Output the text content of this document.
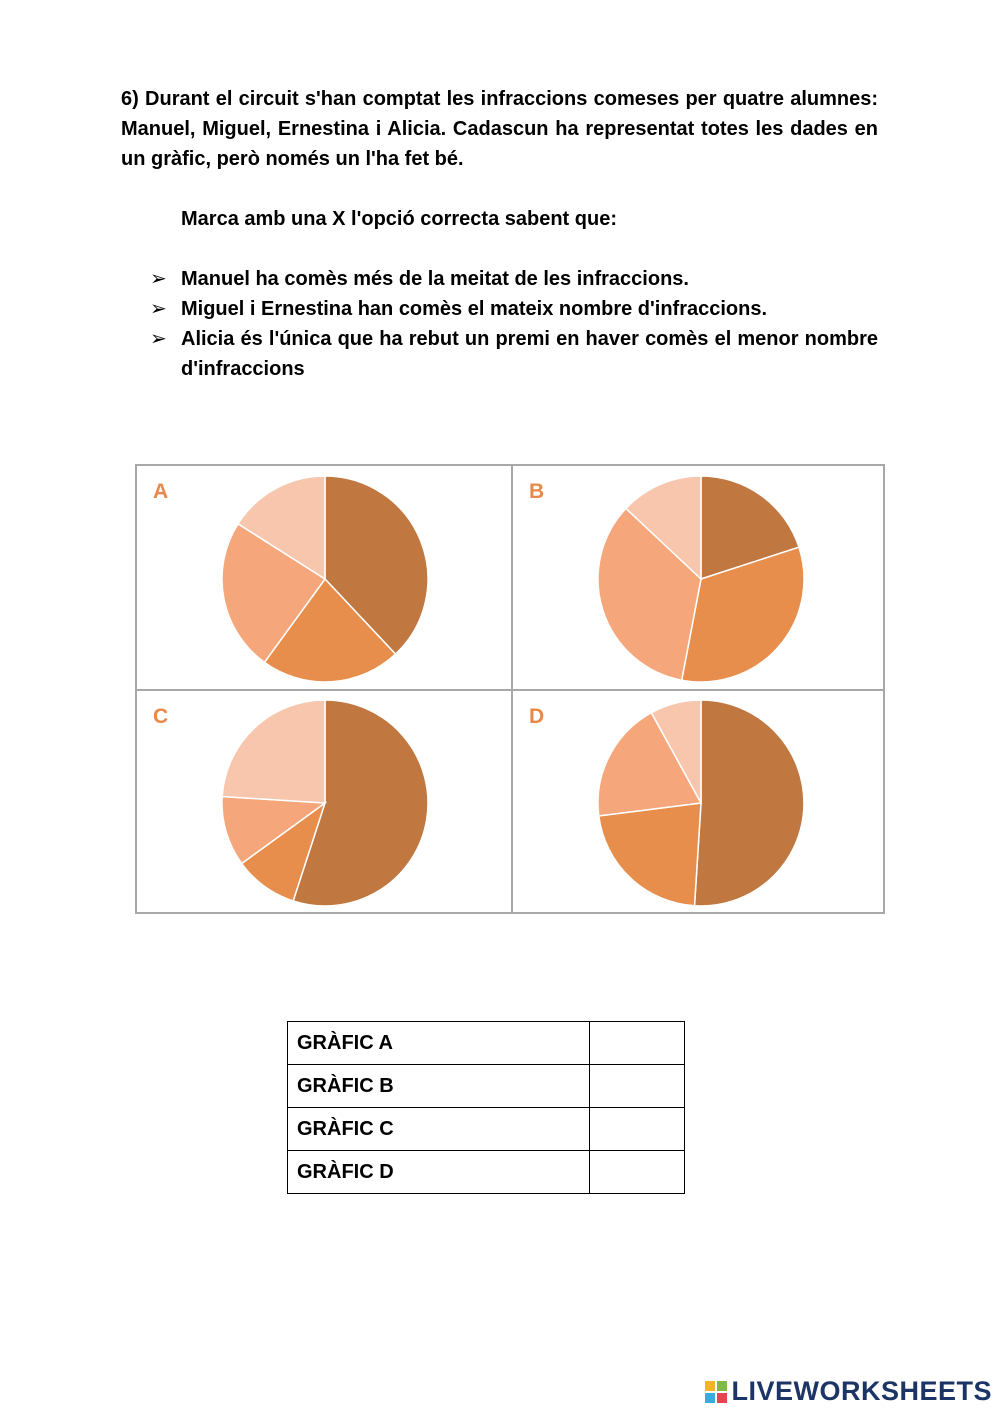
6) Durant el circuit s'han comptat les infraccions comeses per quatre alumnes: Manuel, Miguel, Ernestina i Alicia. Cadascun ha representat totes les dades en un gràfic, però només un l'ha fet bé.

Marca amb una X l'opció correcta sabent que:

➢ Manuel ha comès més de la meitat de les infraccions.
➢ Miguel i Ernestina han comès el mateix nombre d'infraccions.
➢ Alicia és l'única que ha rebut un premi en haver comès el menor nombre d'infraccions
A	B
C	D
GRÀFIC A	
GRÀFIC B	
GRÀFIC C	
GRÀFIC D	
LIVEWORKSHEETS
